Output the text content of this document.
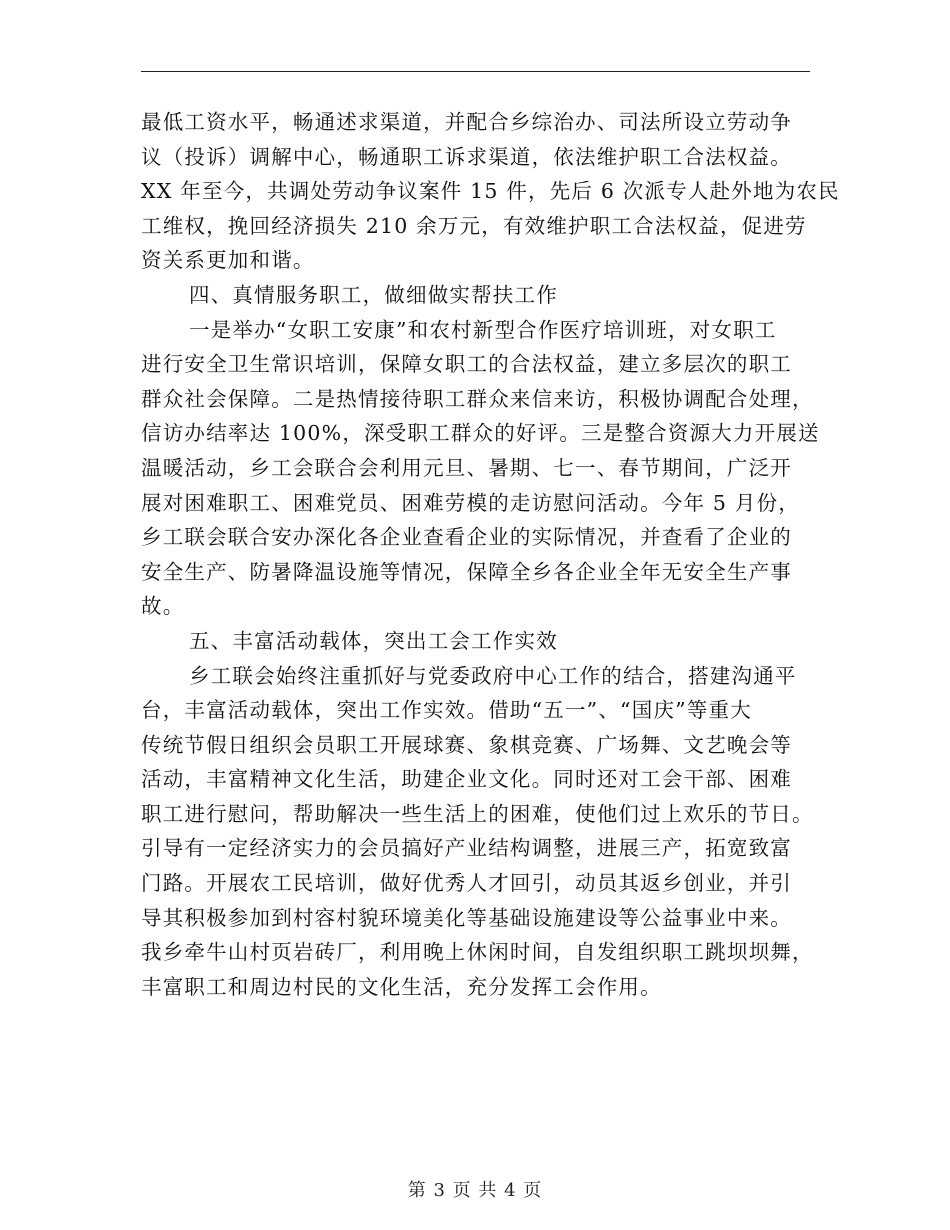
最低工资水平，畅通述求渠道，并配合乡综治办、司法所设立劳动争
议（投诉）调解中心，畅通职工诉求渠道，依法维护职工合法权益。
XX 年至今，共调处劳动争议案件 15 件，先后 6 次派专人赴外地为农民
工维权，挽回经济损失 210 余万元，有效维护职工合法权益，促进劳
资关系更加和谐。
四、真情服务职工，做细做实帮扶工作
一是举办“女职工安康”和农村新型合作医疗培训班，对女职工
进行安全卫生常识培训，保障女职工的合法权益，建立多层次的职工
群众社会保障。二是热情接待职工群众来信来访，积极协调配合处理，
信访办结率达 100%，深受职工群众的好评。三是整合资源大力开展送
温暖活动，乡工会联合会利用元旦、暑期、七一、春节期间，广泛开
展对困难职工、困难党员、困难劳模的走访慰问活动。今年 5 月份，
乡工联会联合安办深化各企业查看企业的实际情况，并查看了企业的
安全生产、防暑降温设施等情况，保障全乡各企业全年无安全生产事
故。
五、丰富活动载体，突出工会工作实效
乡工联会始终注重抓好与党委政府中心工作的结合，搭建沟通平
台，丰富活动载体，突出工作实效。借助“五一”、“国庆”等重大
传统节假日组织会员职工开展球赛、象棋竞赛、广场舞、文艺晚会等
活动，丰富精神文化生活，助建企业文化。同时还对工会干部、困难
职工进行慰问，帮助解决一些生活上的困难，使他们过上欢乐的节日。
引导有一定经济实力的会员搞好产业结构调整，进展三产，拓宽致富
门路。开展农工民培训，做好优秀人才回引，动员其返乡创业，并引
导其积极参加到村容村貌环境美化等基础设施建设等公益事业中来。
我乡牵牛山村页岩砖厂，利用晚上休闲时间，自发组织职工跳坝坝舞，
丰富职工和周边村民的文化生活，充分发挥工会作用。
第 3 页 共 4 页
